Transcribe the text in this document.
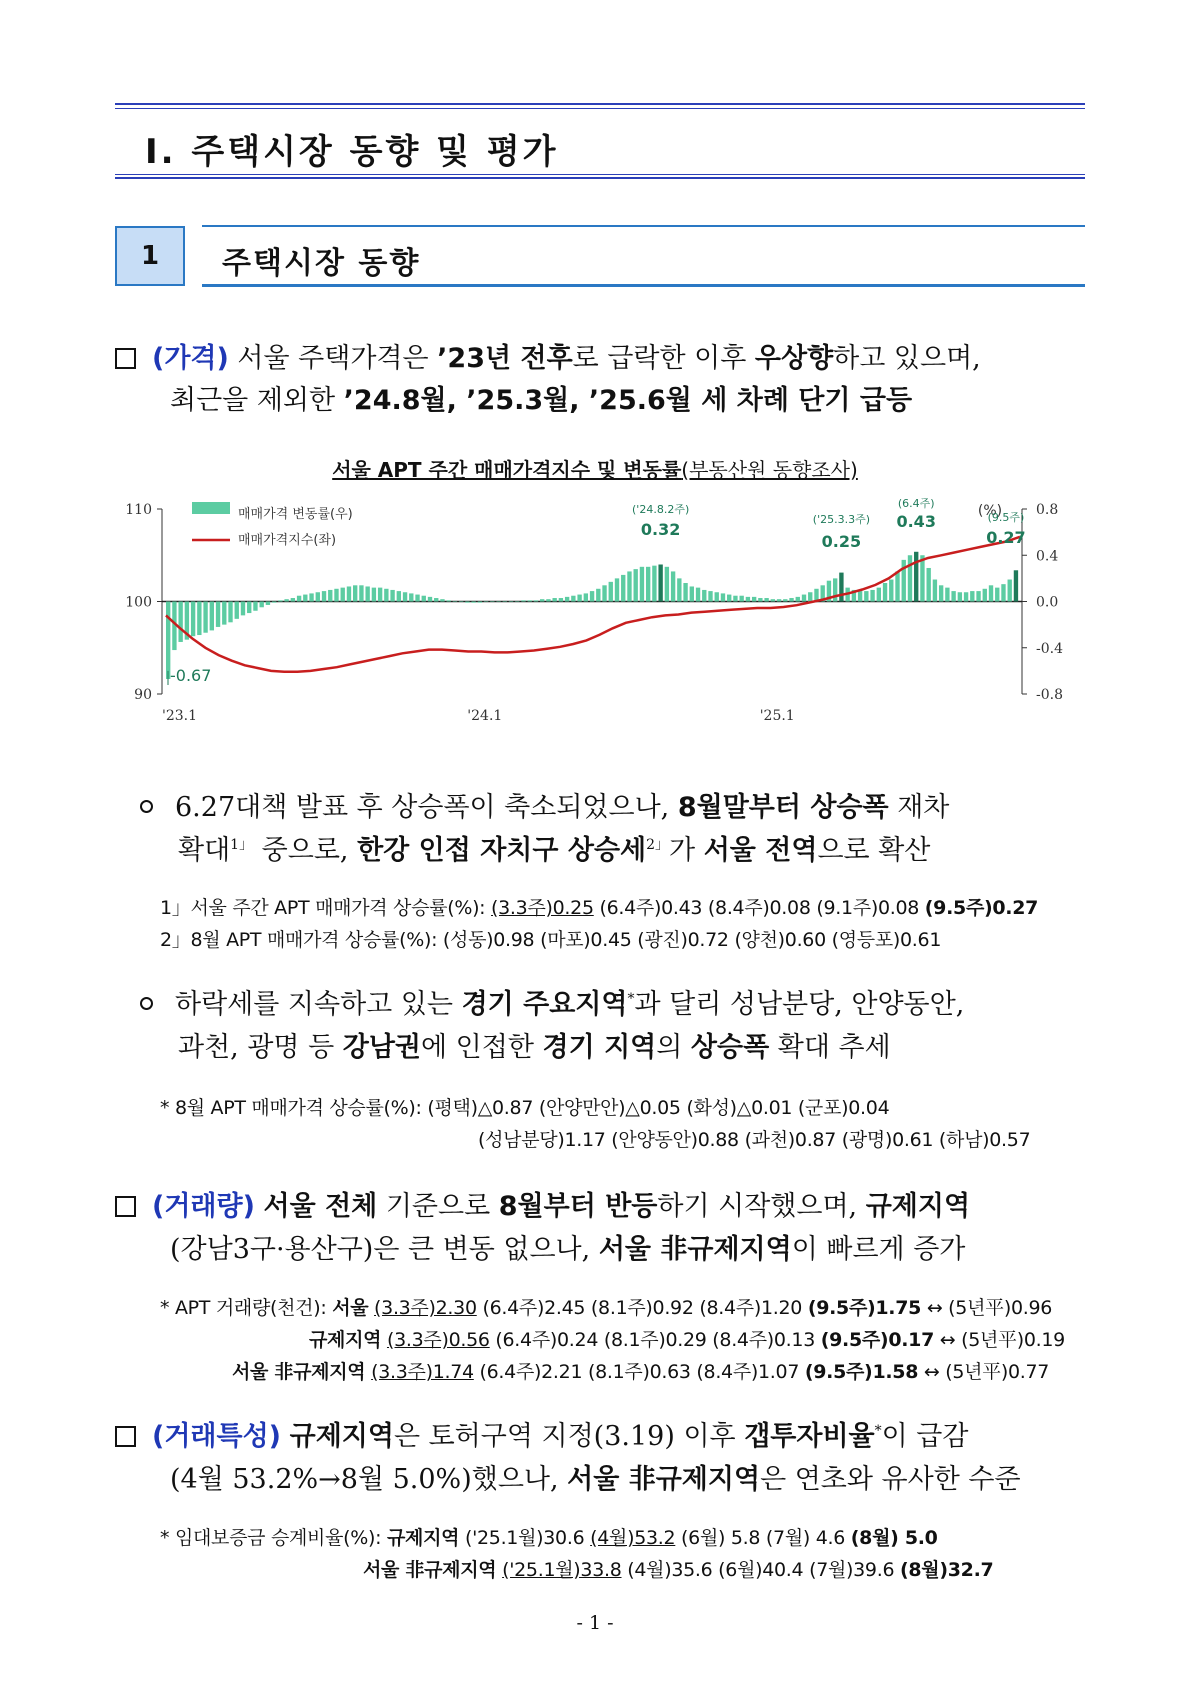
Ⅰ. 주택시장 동향 및 평가
1	주택시장 동향
(가격) 서울 주택가격은 ’23년 전후로 급락한 이후 우상향하고 있으며,
최근을 제외한 ’24.8월, ’25.3월, ’25.6월 세 차례 단기 급등
서울 APT 주간 매매가격지수 및 변동률(부동산원 동향조사)
110
100
90
0.8
0.4
0.0
-0.4
-0.8
'23.1	'24.1	'25.1
매매가격 변동률(우)
매매가격지수(좌)
(%)
('24.8.2주)
0.32
('25.3.3주)
0.25
(6.4주)
0.43	(9.5주)
0.27
-0.67
6.27대책 발표 후 상승폭이 축소되었으나, 8월말부터 상승폭 재차
확대$^{1」}$ 중으로, 한강 인접 자치구 상승세$^{2」}$가 서울 전역으로 확산
1」서울 주간 APT 매매가격 상승률(%): (3.3주)0.25 (6.4주)0.43 (8.4주)0.08 (9.1주)0.08 (9.5주)0.27
2」8월 APT 매매가격 상승률(%): (성동)0.98 (마포)0.45 (광진)0.72 (양천)0.60 (영등포)0.61
하락세를 지속하고 있는 경기 주요지역*과 달리 성남분당, 안양동안,
과천, 광명 등 강남권에 인접한 경기 지역의 상승폭 확대 추세
* 8월 APT 매매가격 상승률(%): (평택)△0.87 (안양만안)△0.05 (화성)△0.01 (군포)0.04
(성남분당)1.17 (안양동안)0.88 (과천)0.87 (광명)0.61 (하남)0.57
(거래량) 서울 전체 기준으로 8월부터 반등하기 시작했으며, 규제지역
(강남3구·용산구)은 큰 변동 없으나, 서울 非규제지역이 빠르게 증가
* APT 거래량(천건): 서울 (3.3주)2.30 (6.4주)2.45 (8.1주)0.92 (8.4주)1.20 (9.5주)1.75 ↔ (5년平)0.96
규제지역 (3.3주)0.56 (6.4주)0.24 (8.1주)0.29 (8.4주)0.13 (9.5주)0.17 ↔ (5년平)0.19
서울 非규제지역 (3.3주)1.74 (6.4주)2.21 (8.1주)0.63 (8.4주)1.07 (9.5주)1.58 ↔ (5년平)0.77
(거래특성) 규제지역은 토허구역 지정(3.19) 이후 갭투자비율*이 급감
(4월 53.2%→8월 5.0%)했으나, 서울 非규제지역은 연초와 유사한 수준
* 임대보증금 승계비율(%): 규제지역 ('25.1월)30.6 (4월)53.2 (6월) 5.8 (7월) 4.6 (8월) 5.0
서울 非규제지역 ('25.1월)33.8 (4월)35.6 (6월)40.4 (7월)39.6 (8월)32.7
- 1 -
